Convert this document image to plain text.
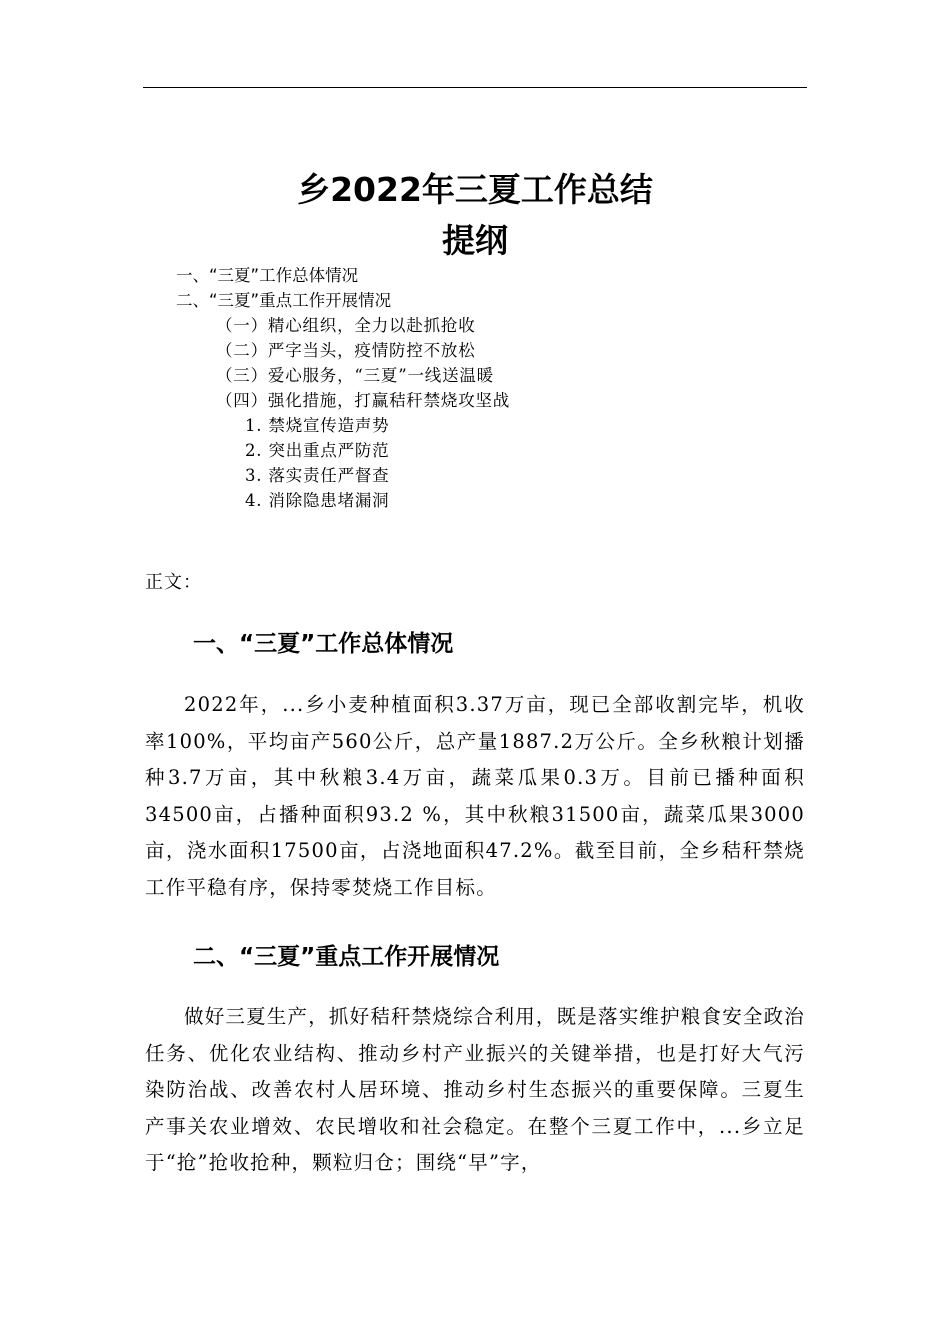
乡2022年三夏工作总结
提纲
一、“三夏”工作总体情况
二、“三夏”重点工作开展情况
（一）精心组织，全力以赴抓抢收
（二）严字当头，疫情防控不放松
（三）爱心服务，“三夏”一线送温暖
（四）强化措施，打赢秸秆禁烧攻坚战
1. 禁烧宣传造声势
2. 突出重点严防范
3. 落实责任严督查
4. 消除隐患堵漏洞
正文：
一、“三夏”工作总体情况
2022年，...乡小麦种植面积3.37万亩，现已全部收割完毕，机收率100%，平均亩产560公斤，总产量1887.2万公斤。全乡秋粮计划播种3.7万亩，其中秋粮3.4万亩，蔬菜瓜果0.3万。目前已播种面积34500亩，占播种面积93.2 %，其中秋粮31500亩，蔬菜瓜果3000亩，浇水面积17500亩，占浇地面积47.2%。截至目前，全乡秸秆禁烧工作平稳有序，保持零焚烧工作目标。
二、“三夏”重点工作开展情况
做好三夏生产，抓好秸秆禁烧综合利用，既是落实维护粮食安全政治任务、优化农业结构、推动乡村产业振兴的关键举措，也是打好大气污染防治战、改善农村人居环境、推动乡村生态振兴的重要保障。三夏生产事关农业增效、农民增收和社会稳定。在整个三夏工作中，...乡立足于“抢”抢收抢种，颗粒归仓；围绕“早”字，
